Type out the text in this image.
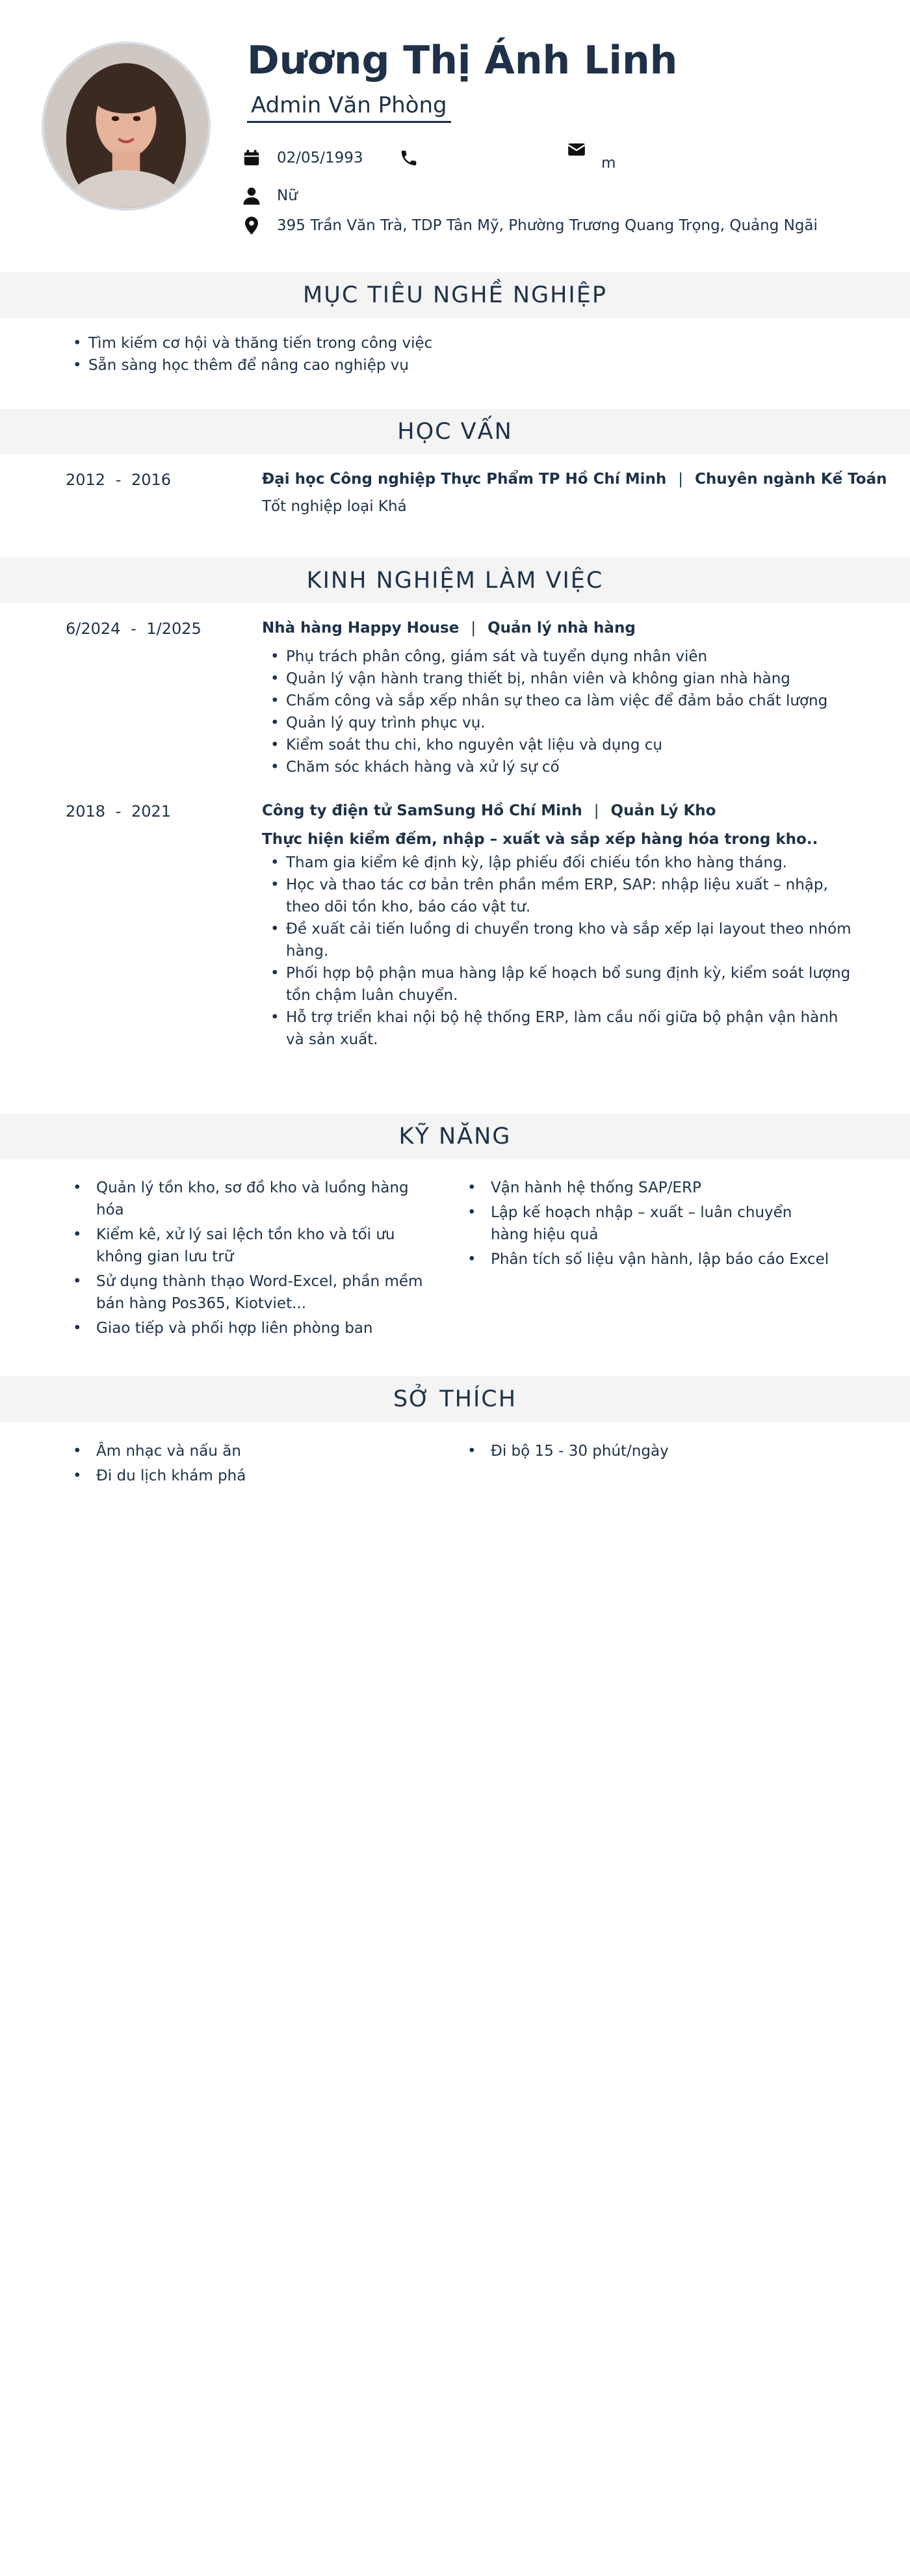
Dương Thị Ánh Linh
Admin Văn Phòng
02/05/1993	m
Nữ
395 Trần Văn Trà, TDP Tân Mỹ, Phường Trương Quang Trọng, Quảng Ngãi
MỤC TIÊU NGHỀ NGHIỆP
• Tìm kiếm cơ hội và thăng tiến trong công việc
• Sẵn sàng học thêm để nâng cao nghiệp vụ
HỌC VẤN
2012 - 2016	Đại học Công nghiệp Thực Phẩm TP Hồ Chí Minh | Chuyên ngành Kế Toán
Tốt nghiệp loại Khá
KINH NGHIỆM LÀM VIỆC
6/2024 - 1/2025	Nhà hàng Happy House | Quản lý nhà hàng
• Phụ trách phân công, giám sát và tuyển dụng nhân viên
• Quản lý vận hành trang thiết bị, nhân viên và không gian nhà hàng
• Chấm công và sắp xếp nhân sự theo ca làm việc để đảm bảo chất lượng
• Quản lý quy trình phục vụ.
• Kiểm soát thu chi, kho nguyên vật liệu và dụng cụ
• Chăm sóc khách hàng và xử lý sự cố
2018 - 2021	Công ty điện tử SamSung Hồ Chí Minh | Quản Lý Kho
Thực hiện kiểm đếm, nhập – xuất và sắp xếp hàng hóa trong kho..
• Tham gia kiểm kê định kỳ, lập phiếu đối chiếu tồn kho hàng tháng.
• Học và thao tác cơ bản trên phần mềm ERP, SAP: nhập liệu xuất – nhập, theo dõi tồn kho, báo cáo vật tư.
• Đề xuất cải tiến luồng di chuyển trong kho và sắp xếp lại layout theo nhóm hàng.
• Phối hợp bộ phận mua hàng lập kế hoạch bổ sung định kỳ, kiểm soát lượng tồn chậm luân chuyển.
• Hỗ trợ triển khai nội bộ hệ thống ERP, làm cầu nối giữa bộ phận vận hành và sản xuất.
KỸ NĂNG
• Quản lý tồn kho, sơ đồ kho và luồng hàng hóa
• Kiểm kê, xử lý sai lệch tồn kho và tối ưu không gian lưu trữ
• Sử dụng thành thạo Word-Excel, phần mềm bán hàng Pos365, Kiotviet...
• Giao tiếp và phối hợp liên phòng ban
• Vận hành hệ thống SAP/ERP
• Lập kế hoạch nhập – xuất – luân chuyển hàng hiệu quả
• Phân tích số liệu vận hành, lập báo cáo Excel
SỞ THÍCH
• Âm nhạc và nấu ăn
• Đi du lịch khám phá
• Đi bộ 15 - 30 phút/ngày
